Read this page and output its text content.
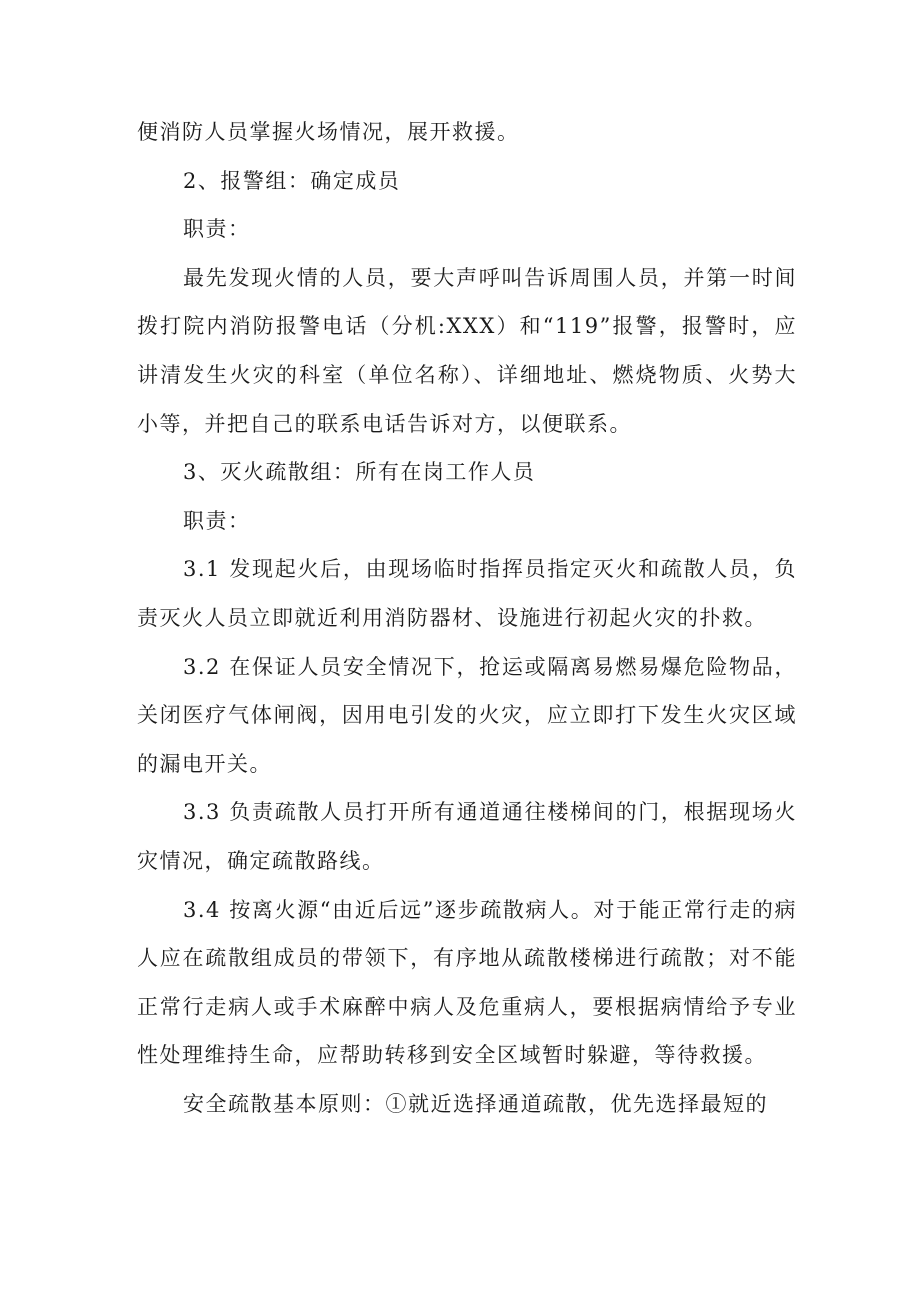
便消防人员掌握火场情况，展开救援。

2、报警组：确定成员

职责：

最先发现火情的人员，要大声呼叫告诉周围人员，并第一时间拨打院内消防报警电话（分机:XXX）和“119”报警，报警时，应讲清发生火灾的科室（单位名称）、详细地址、燃烧物质、火势大小等，并把自己的联系电话告诉对方，以便联系。

3、灭火疏散组：所有在岗工作人员

职责：

3.1 发现起火后，由现场临时指挥员指定灭火和疏散人员，负责灭火人员立即就近利用消防器材、设施进行初起火灾的扑救。

3.2 在保证人员安全情况下，抢运或隔离易燃易爆危险物品，关闭医疗气体闸阀，因用电引发的火灾，应立即打下发生火灾区域的漏电开关。

3.3 负责疏散人员打开所有通道通往楼梯间的门，根据现场火灾情况，确定疏散路线。

3.4 按离火源“由近后远”逐步疏散病人。对于能正常行走的病人应在疏散组成员的带领下，有序地从疏散楼梯进行疏散；对不能正常行走病人或手术麻醉中病人及危重病人，要根据病情给予专业性处理维持生命，应帮助转移到安全区域暂时躲避，等待救援。

安全疏散基本原则：①就近选择通道疏散，优先选择最短的
